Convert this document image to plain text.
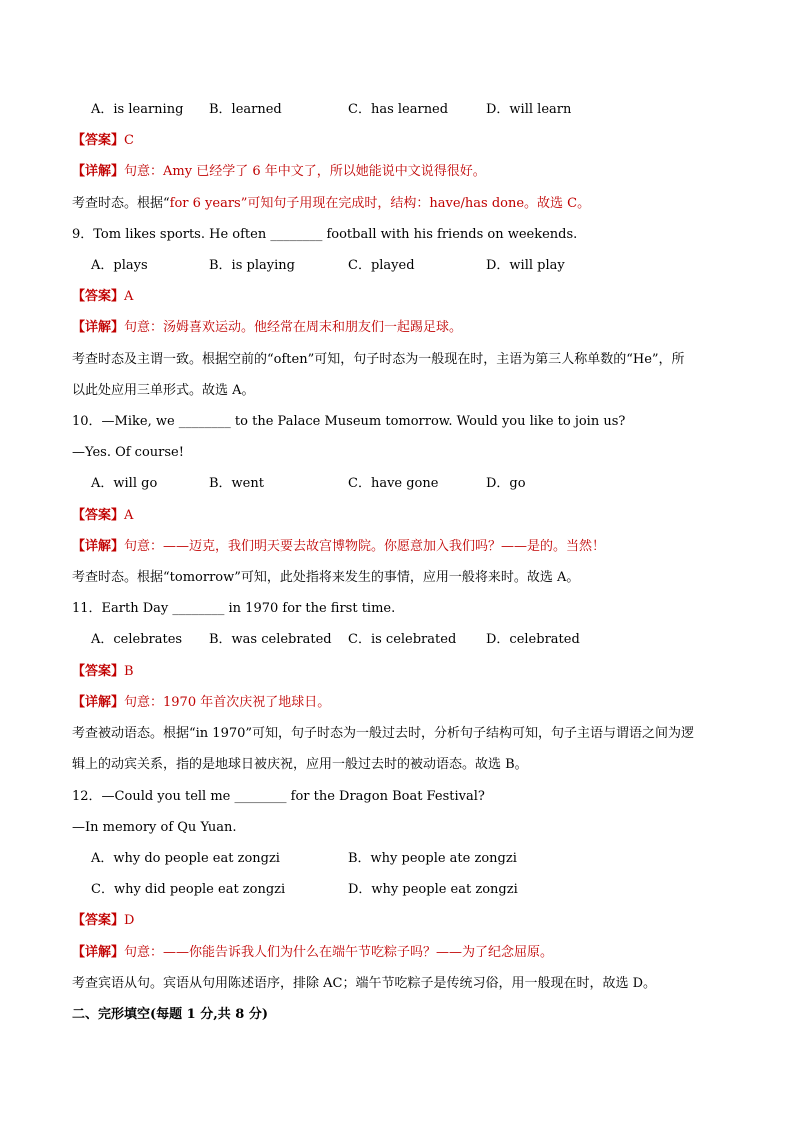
A．is learning B．learned	C．has learned	D．will learn
【答案】C
【详解】句意：Amy 已经学了 6 年中文了，所以她能说中文说得很好。
考查时态。根据“for 6 years”可知句子用现在完成时，结构：have/has done。故选 C。
9．Tom likes sports. He often ________ football with his friends on weekends.
A．plays	B．is playing	C．played	D．will play
【答案】A
【详解】句意：汤姆喜欢运动。他经常在周末和朋友们一起踢足球。
考查时态及主谓一致。根据空前的“often”可知，句子时态为一般现在时，主语为第三人称单数的“He”，所
以此处应用三单形式。故选 A。
10．—Mike, we ________ to the Palace Museum tomorrow. Would you like to join us?
—Yes. Of course!
A．will go	B．went	C．have gone	D．go
【答案】A
【详解】句意：——迈克，我们明天要去故宫博物院。你愿意加入我们吗？——是的。当然！
考查时态。根据“tomorrow”可知，此处指将来发生的事情，应用一般将来时。故选 A。
11．Earth Day ________ in 1970 for the first time.
A．celebrates B．was celebrated C．is celebrated D．celebrated
【答案】B
【详解】句意：1970 年首次庆祝了地球日。
考查被动语态。根据“in 1970”可知，句子时态为一般过去时，分析句子结构可知，句子主语与谓语之间为逻
辑上的动宾关系，指的是地球日被庆祝，应用一般过去时的被动语态。故选 B。
12．—Could you tell me ________ for the Dragon Boat Festival?
—In memory of Qu Yuan.
A．why do people eat zongzi	B．why people ate zongzi
C．why did people eat zongzi	D．why people eat zongzi
【答案】D
【详解】句意：——你能告诉我人们为什么在端午节吃粽子吗？——为了纪念屈原。
考查宾语从句。宾语从句用陈述语序，排除 AC；端午节吃粽子是传统习俗，用一般现在时，故选 D。
二、完形填空(每题 1 分,共 8 分)
